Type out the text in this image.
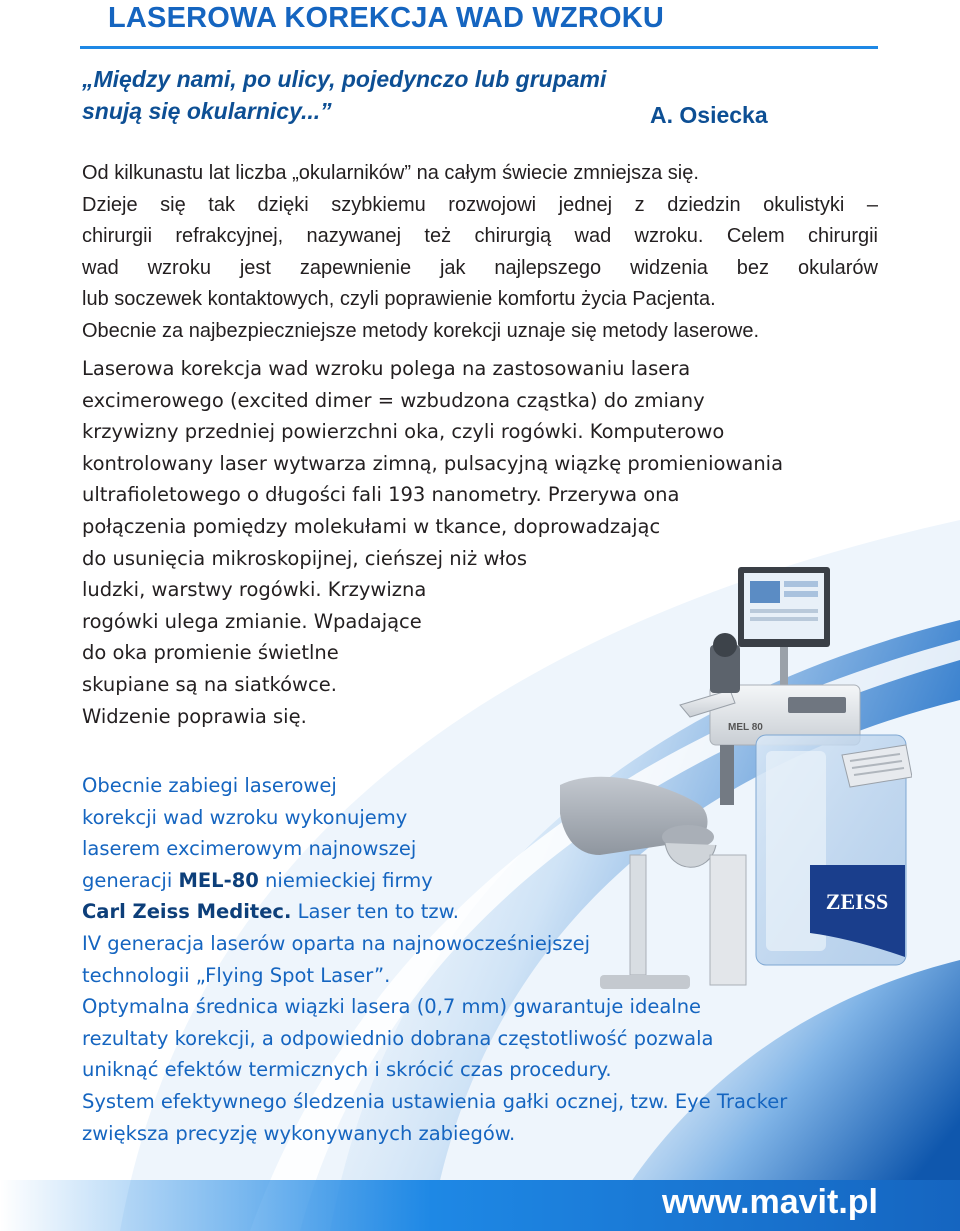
LASEROWA KOREKCJA WAD WZROKU
„Między nami, po ulicy, pojedynczo lub grupami
snują się okularnicy...”	A. Osiecka
Od kilkunastu lat liczba „okularników” na całym świecie zmniejsza się.
Dzieje się tak dzięki szybkiemu rozwojowi jednej z dziedzin okulistyki –
chirurgii refrakcyjnej, nazywanej też chirurgią wad wzroku. Celem chirurgii
wad wzroku jest zapewnienie jak najlepszego widzenia bez okularów
lub soczewek kontaktowych, czyli poprawienie komfortu życia Pacjenta.
Obecnie za najbezpieczniejsze metody korekcji uznaje się metody laserowe.
Laserowa korekcja wad wzroku polega na zastosowaniu lasera
excimerowego (excited dimer = wzbudzona cząstka) do zmiany
krzywizny przedniej powierzchni oka, czyli rogówki. Komputerowo
kontrolowany laser wytwarza zimną, pulsacyjną wiązkę promieniowania
ultrafioletowego o długości fali 193 nanometry. Przerywa ona
połączenia pomiędzy molekułami w tkance, doprowadzając
do usunięcia mikroskopijnej, cieńszej niż włos
ludzki, warstwy rogówki. Krzywizna
rogówki ulega zmianie. Wpadające
do oka promienie świetlne
skupiane są na siatkówce.
Widzenie poprawia się.
Obecnie zabiegi laserowej
korekcji wad wzroku wykonujemy
laserem excimerowym najnowszej
generacji MEL-80 niemieckiej firmy
Carl Zeiss Meditec. Laser ten to tzw.
IV generacja laserów oparta na najnowocześniejszej
technologii „Flying Spot Laser”.
Optymalna średnica wiązki lasera (0,7 mm) gwarantuje idealne
rezultaty korekcji, a odpowiednio dobrana częstotliwość pozwala
uniknąć efektów termicznych i skrócić czas procedury.
System efektywnego śledzenia ustawienia gałki ocznej, tzw. Eye Tracker
zwiększa precyzję wykonywanych zabiegów.
MEL 80
ZEISS
www.mavit.pl
